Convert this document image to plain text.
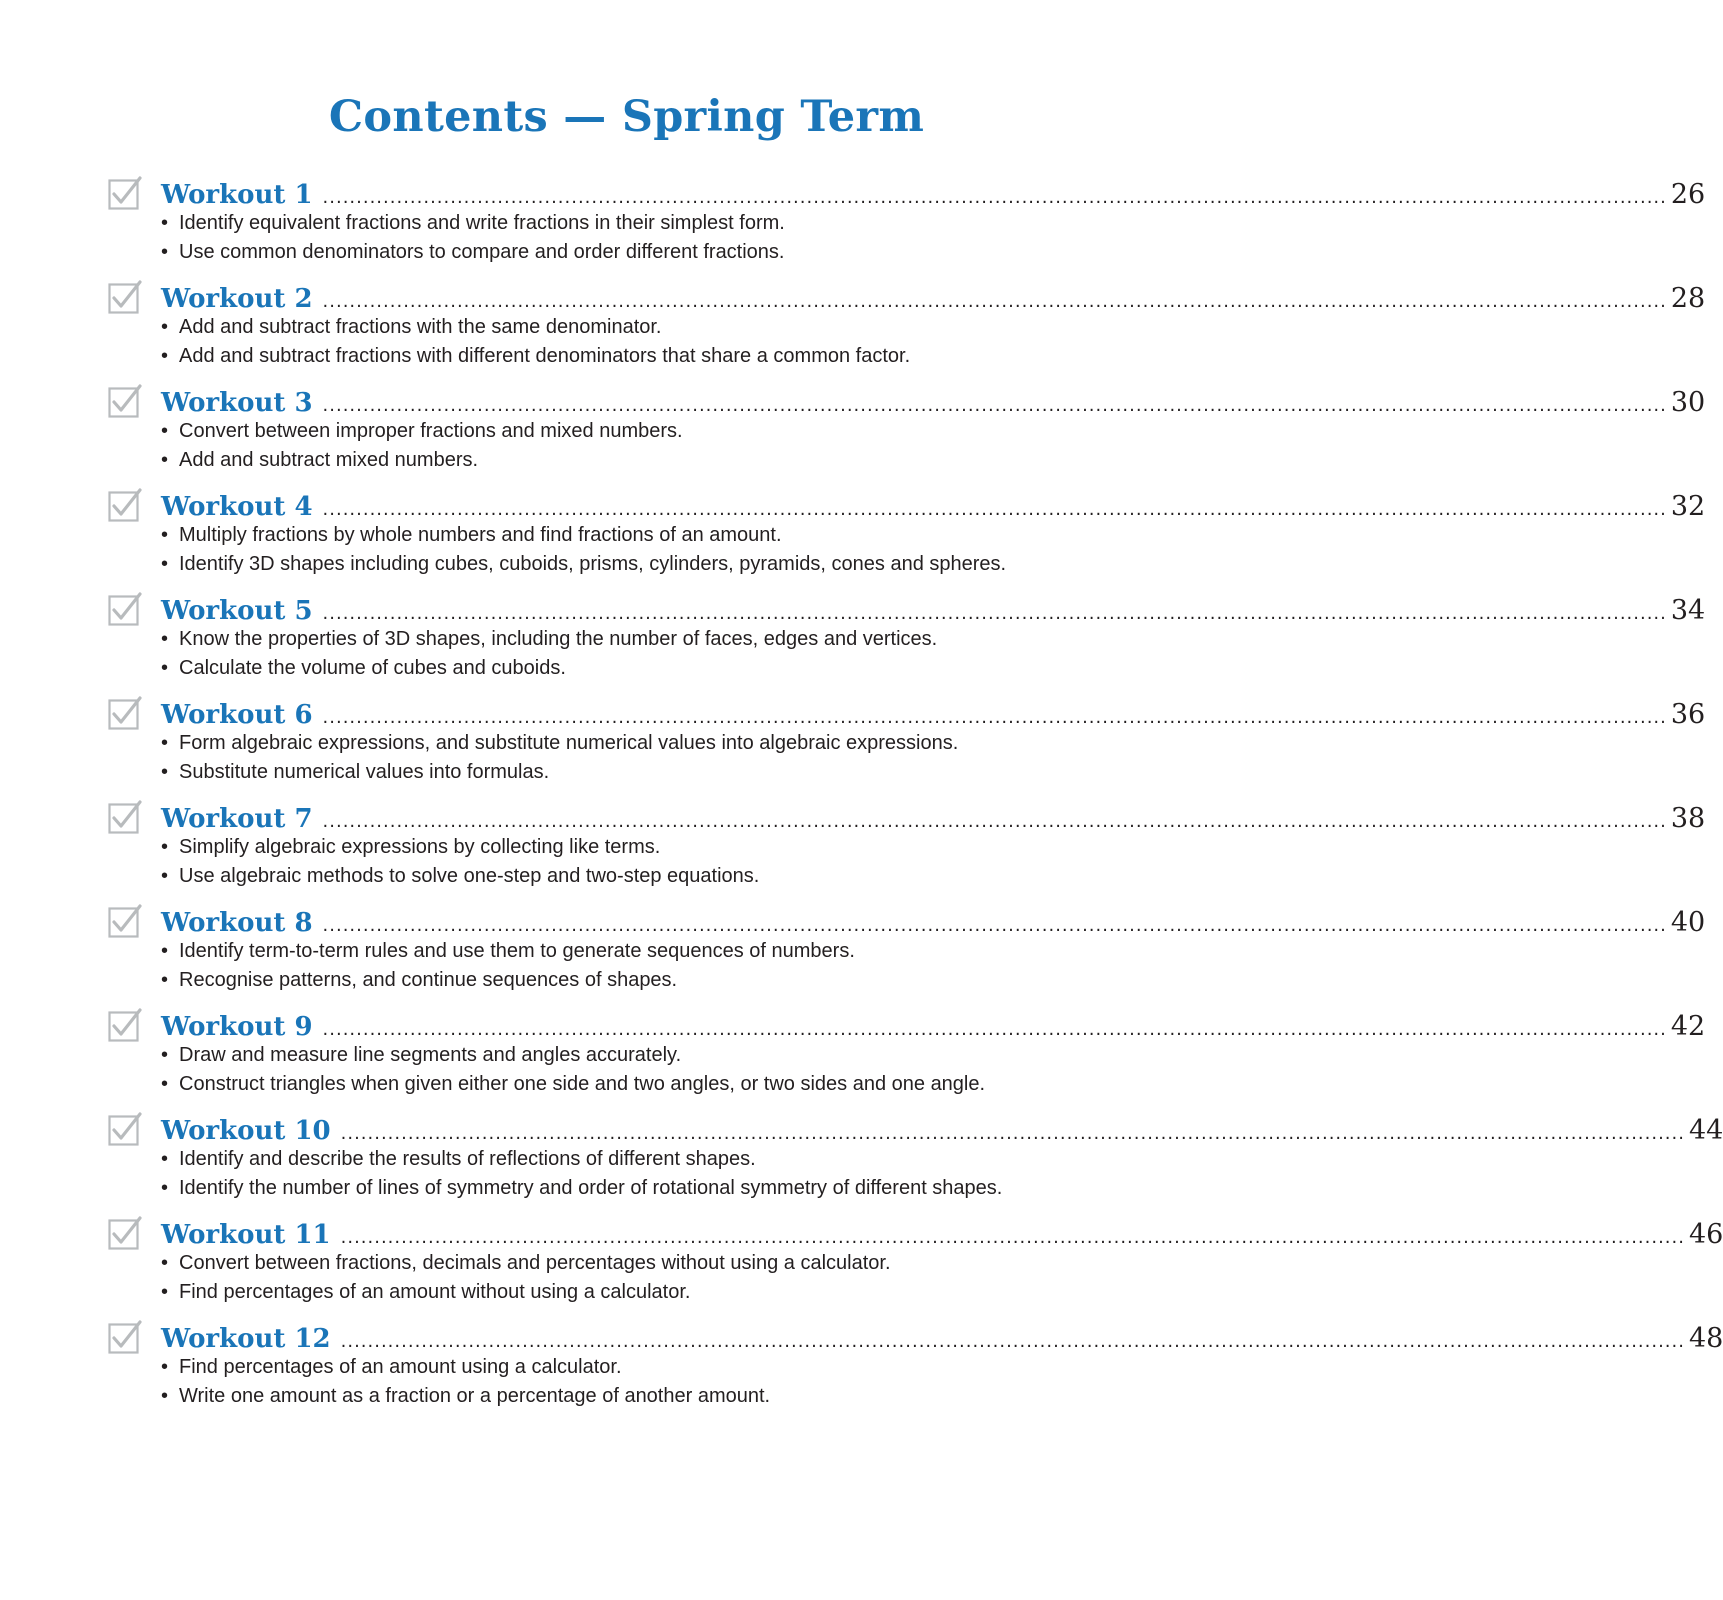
Contents — Spring Term
Workout 1 ........................................................................................................................................................................................................ 26
• Identify equivalent fractions and write fractions in their simplest form.
• Use common denominators to compare and order different fractions.
Workout 2 ........................................................................................................................................................................................................ 28
• Add and subtract fractions with the same denominator.
• Add and subtract fractions with different denominators that share a common factor.
Workout 3 ........................................................................................................................................................................................................ 30
• Convert between improper fractions and mixed numbers.
• Add and subtract mixed numbers.
Workout 4 ........................................................................................................................................................................................................ 32
• Multiply fractions by whole numbers and find fractions of an amount.
• Identify 3D shapes including cubes, cuboids, prisms, cylinders, pyramids, cones and spheres.
Workout 5 ........................................................................................................................................................................................................ 34
• Know the properties of 3D shapes, including the number of faces, edges and vertices.
• Calculate the volume of cubes and cuboids.
Workout 6 ........................................................................................................................................................................................................ 36
• Form algebraic expressions, and substitute numerical values into algebraic expressions.
• Substitute numerical values into formulas.
Workout 7 ........................................................................................................................................................................................................ 38
• Simplify algebraic expressions by collecting like terms.
• Use algebraic methods to solve one-step and two-step equations.
Workout 8 ........................................................................................................................................................................................................ 40
• Identify term-to-term rules and use them to generate sequences of numbers.
• Recognise patterns, and continue sequences of shapes.
Workout 9 ........................................................................................................................................................................................................ 42
• Draw and measure line segments and angles accurately.
• Construct triangles when given either one side and two angles, or two sides and one angle.
Workout 10 ........................................................................................................................................................................................................ 44
• Identify and describe the results of reflections of different shapes.
• Identify the number of lines of symmetry and order of rotational symmetry of different shapes.
Workout 11 ........................................................................................................................................................................................................ 46
• Convert between fractions, decimals and percentages without using a calculator.
• Find percentages of an amount without using a calculator.
Workout 12 ........................................................................................................................................................................................................ 48
• Find percentages of an amount using a calculator.
• Write one amount as a fraction or a percentage of another amount.
